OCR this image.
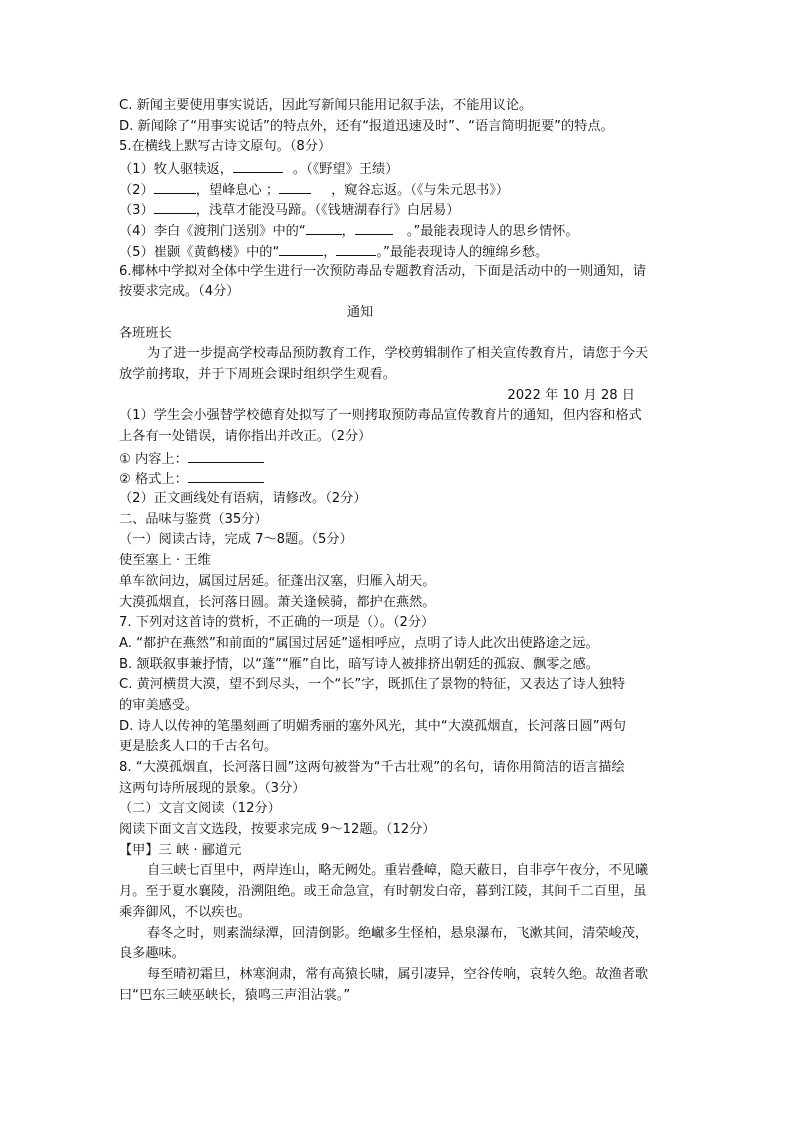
C. 新闻主要使用事实说话，因此写新闻只能用记叙手法，不能用议论。
D. 新闻除了“用事实说话”的特点外，还有“报道迅速及时”、“语言简明扼要”的特点。
5.在横线上默写古诗文原句。（8分）
（1）牧人驱犊返，	。（《野望》王绩）
（2）	，望峰息心 ；	，窥谷忘返。（《与朱元思书》）
（3）	，浅草才能没马蹄。（《钱塘湖春行》白居易）
（4）李白《渡荆门送别》中的“	，	。”最能表现诗人的思乡情怀。
（5）崔颢《黄鹤楼》中的“	，	。”最能表现诗人的缠绵乡愁。
6.椰林中学拟对全体中学生进行一次预防毒品专题教育活动，下面是活动中的一则通知，请
按要求完成。（4分）
通知
各班班长
为了进一步提高学校毒品预防教育工作，学校剪辑制作了相关宣传教育片，请您于今天
放学前拷取，并于下周班会课时组织学生观看。
2022 年 10 月 28 日
（1）学生会小强替学校德育处拟写了一则拷取预防毒品宣传教育片的通知，但内容和格式
上各有一处错误，请你指出并改正。（2分）
① 内容上：
② 格式上：
（2）正文画线处有语病，请修改。（2分）
二、品味与鉴赏（35分）
（一）阅读古诗，完成 7～8题。（5分）
使至塞上 · 王维
单车欲问边，属国过居延。征蓬出汉塞，归雁入胡天。
大漠孤烟直，长河落日圆。萧关逢候骑，都护在燕然。
7. 下列对这首诗的赏析，不正确的一项是（）。（2分）
A. “都护在燕然”和前面的“属国过居延”遥相呼应，点明了诗人此次出使路途之远。
B. 颔联叙事兼抒情，以“蓬”“雁”自比，暗写诗人被排挤出朝廷的孤寂、飘零之感。
C. 黄河横贯大漠，望不到尽头，一个“长”字，既抓住了景物的特征，又表达了诗人独特
的审美感受。
D. 诗人以传神的笔墨刻画了明媚秀丽的塞外风光，其中“大漠孤烟直，长河落日圆”两句
更是脍炙人口的千古名句。
8. “大漠孤烟直，长河落日圆”这两句被誉为“千古壮观”的名句，请你用简洁的语言描绘
这两句诗所展现的景象。（3分）
（二）文言文阅读（12分）
阅读下面文言文选段，按要求完成 9～12题。（12分）
【甲】三 峡 · 郦道元
自三峡七百里中，两岸连山，略无阙处。重岩叠嶂，隐天蔽日，自非亭午夜分，不见曦
月。至于夏水襄陵，沿溯阻绝。或王命急宣，有时朝发白帝，暮到江陵，其间千二百里，虽
乘奔御风，不以疾也。
春冬之时，则素湍绿潭，回清倒影。绝𪩘多生怪柏，悬泉瀑布，飞漱其间，清荣峻茂，
良多趣味。
每至晴初霜旦，林寒涧肃，常有高猿长啸，属引凄异，空谷传响，哀转久绝。故渔者歌
曰“巴东三峡巫峡长，猿鸣三声泪沾裳。”
